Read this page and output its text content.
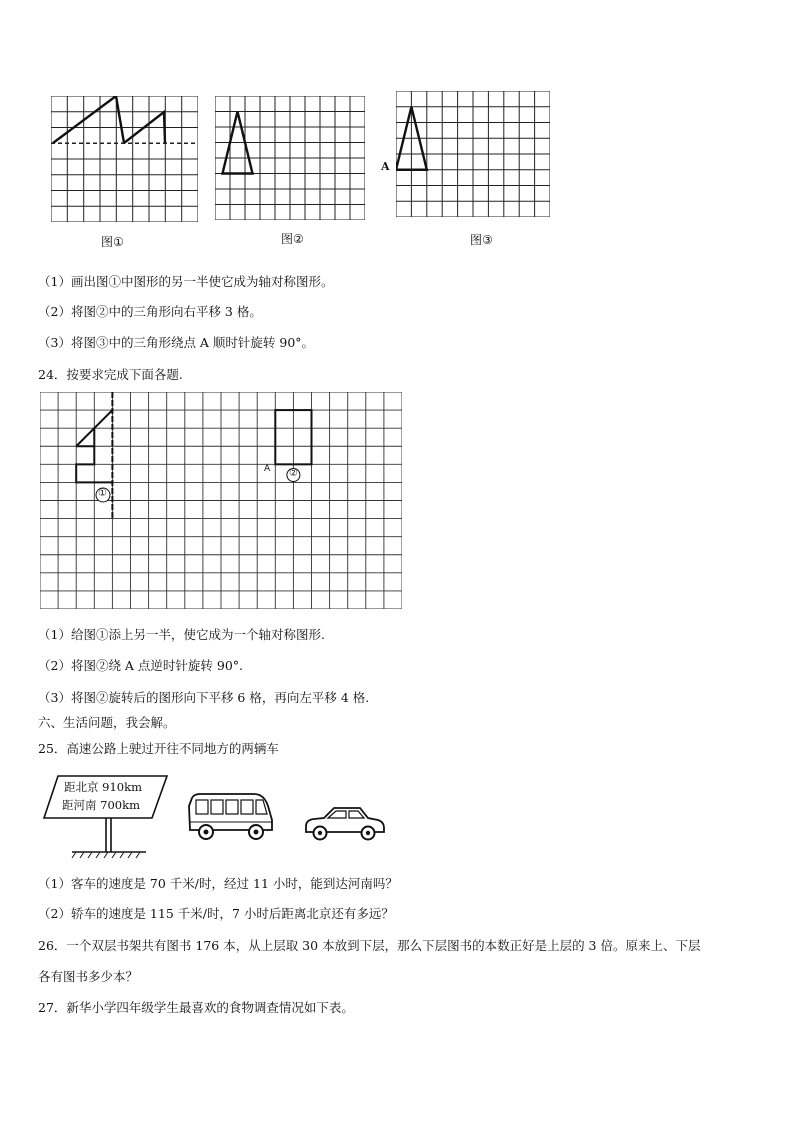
图①	图②
A
图③
（1）画出图①中图形的另一半使它成为轴对称图形。
（2）将图②中的三角形向右平移 3 格。
（3）将图③中的三角形绕点 A 顺时针旋转 90°。
24．按要求完成下面各题.
①
②
A
（1）给图①添上另一半，使它成为一个轴对称图形.
（2）将图②绕 A 点逆时针旋转 90°.
（3）将图②旋转后的图形向下平移 6 格，再向左平移 4 格.
六、生活问题，我会解。
25．高速公路上驶过开往不同地方的两辆车
距北京 910km
距河南 700km
（1）客车的速度是 70 千米/时，经过 11 小时，能到达河南吗？
（2）轿车的速度是 115 千米/时，7 小时后距离北京还有多远？
26．一个双层书架共有图书 176 本，从上层取 30 本放到下层，那么下层图书的本数正好是上层的 3 倍。原来上、下层
各有图书多少本？
27．新华小学四年级学生最喜欢的食物调查情况如下表。
